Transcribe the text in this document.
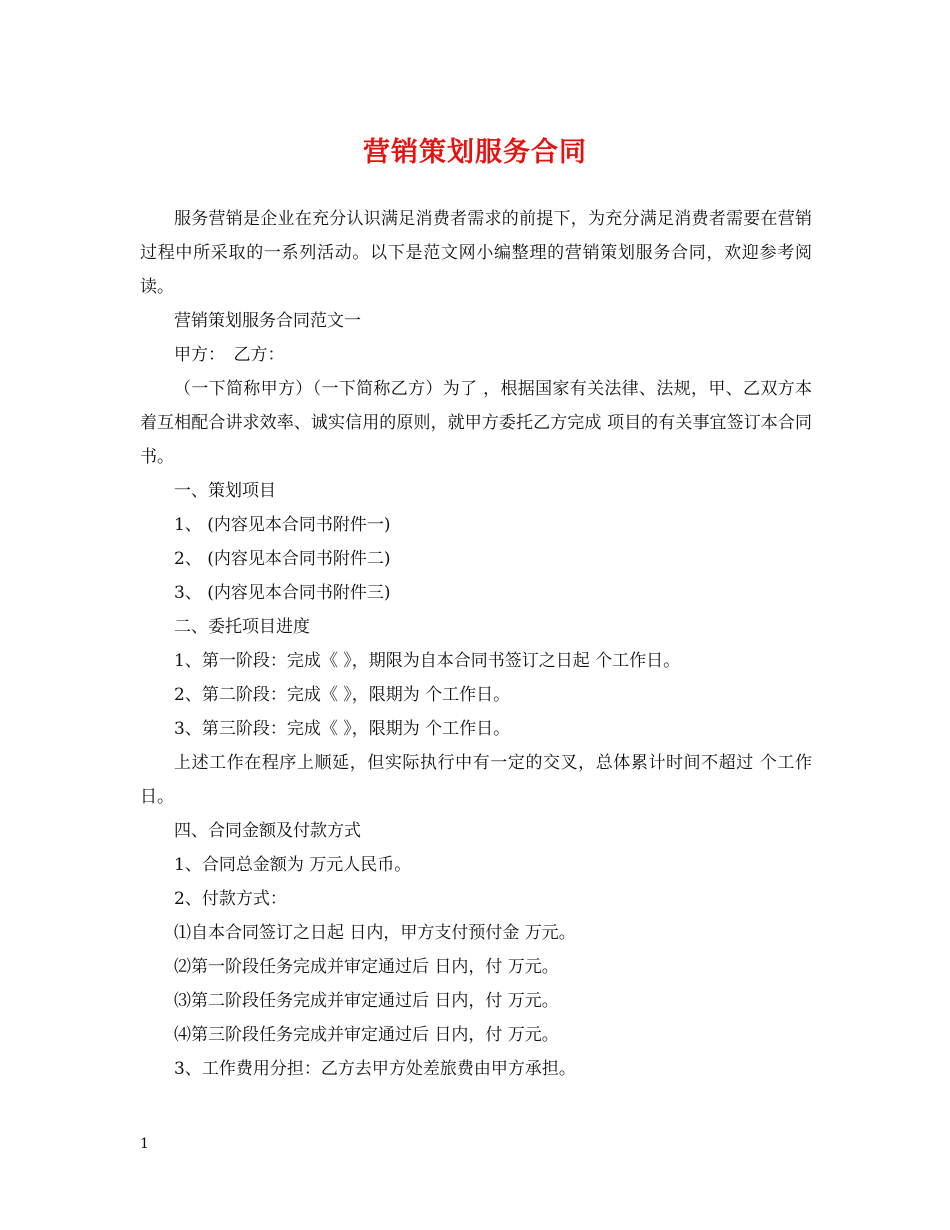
营销策划服务合同

服务营销是企业在充分认识满足消费者需求的前提下，为充分满足消费者需要在营销过程中所采取的一系列活动。以下是范文网小编整理的营销策划服务合同，欢迎参考阅读。

营销策划服务合同范文一

甲方：　乙方：

（一下简称甲方）（一下简称乙方）为了 ，根据国家有关法律、法规，甲、乙双方本着互相配合讲求效率、诚实信用的原则，就甲方委托乙方完成 项目的有关事宜签订本合同书。

一、策划项目

1、 (内容见本合同书附件一)

2、 (内容见本合同书附件二)

3、 (内容见本合同书附件三)

二、委托项目进度

1、第一阶段：完成《 》，期限为自本合同书签订之日起 个工作日。

2、第二阶段：完成《 》，限期为 个工作日。

3、第三阶段：完成《 》，限期为 个工作日。

上述工作在程序上顺延，但实际执行中有一定的交叉，总体累计时间不超过 个工作日。

四、合同金额及付款方式

1、合同总金额为 万元人民币。

2、付款方式：

⑴自本合同签订之日起 日内，甲方支付预付金 万元。

⑵第一阶段任务完成并审定通过后 日内，付 万元。

⑶第二阶段任务完成并审定通过后 日内，付 万元。

⑷第三阶段任务完成并审定通过后 日内，付 万元。

3、工作费用分担：乙方去甲方处差旅费由甲方承担。

1
